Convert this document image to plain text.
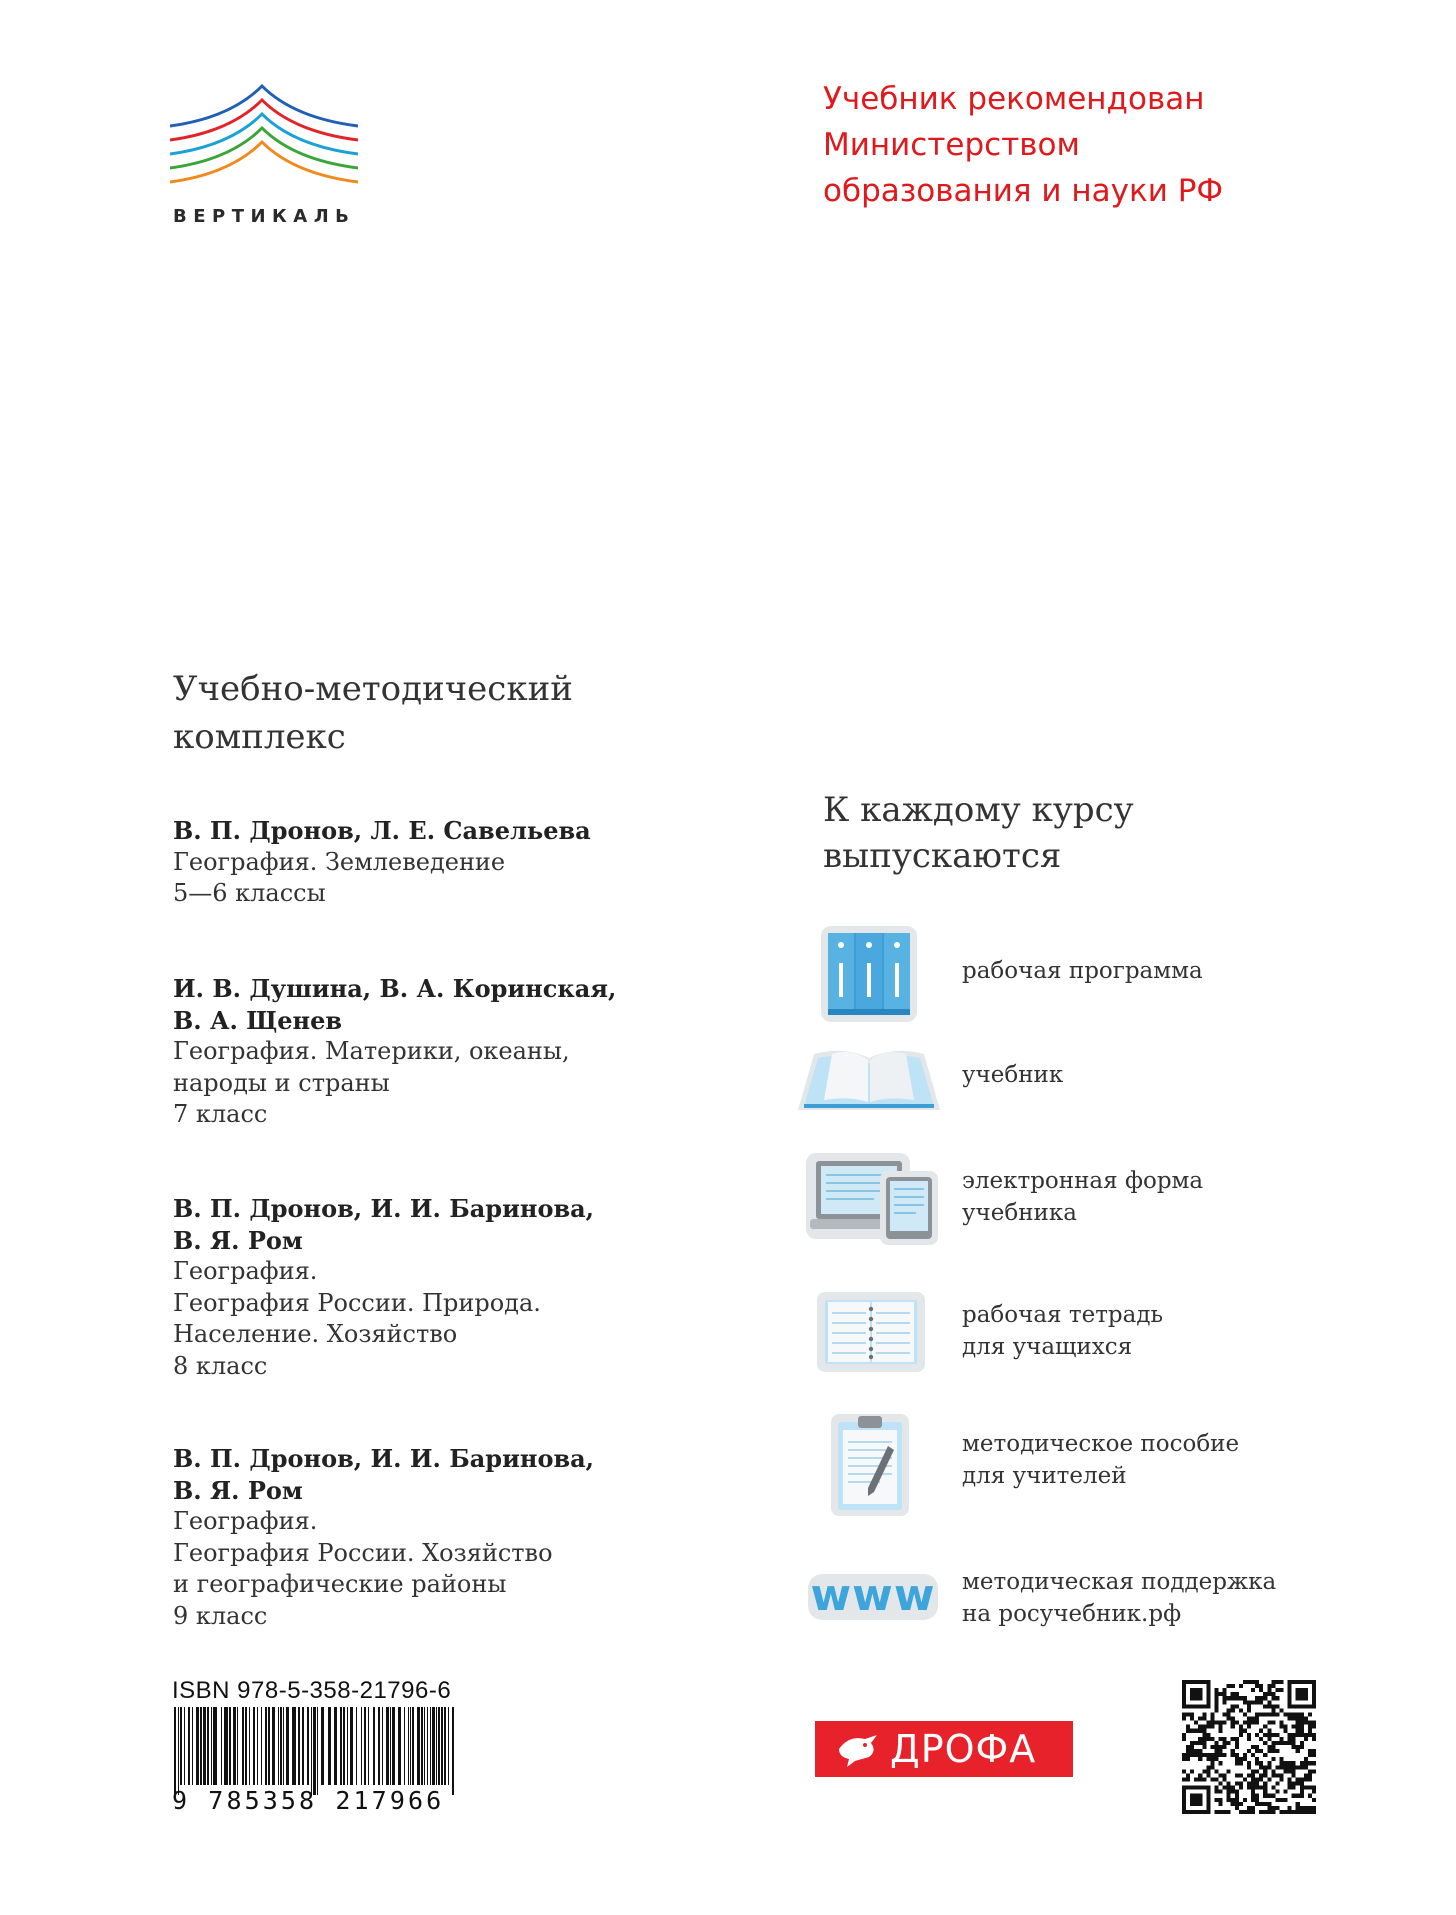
ВЕРТИКАЛЬ
Учебник рекомендован
Министерством
образования и науки РФ
Учебно-методический
комплекс
В. П. Дронов, Л. Е. Савельева
География. Землеведение
5—6 классы
И. В. Душина, В. А. Коринская,
В. А. Щенев
География. Материки, океаны,
народы и страны
7 класс
В. П. Дронов, И. И. Баринова,
В. Я. Ром
География.
География России. Природа.
Население. Хозяйство
8 класс
В. П. Дронов, И. И. Баринова,
В. Я. Ром
География.
География России. Хозяйство
и географические районы
9 класс
К каждому курсу
выпускаются
рабочая программа
учебник
электронная форма
учебника
рабочая тетрадь
для учащихся
методическое пособие
для учителей
www методическая поддержка
на росучебник.рф
ISBN 978-5-358-21796-6
9 785358 217966
ДРОФА
